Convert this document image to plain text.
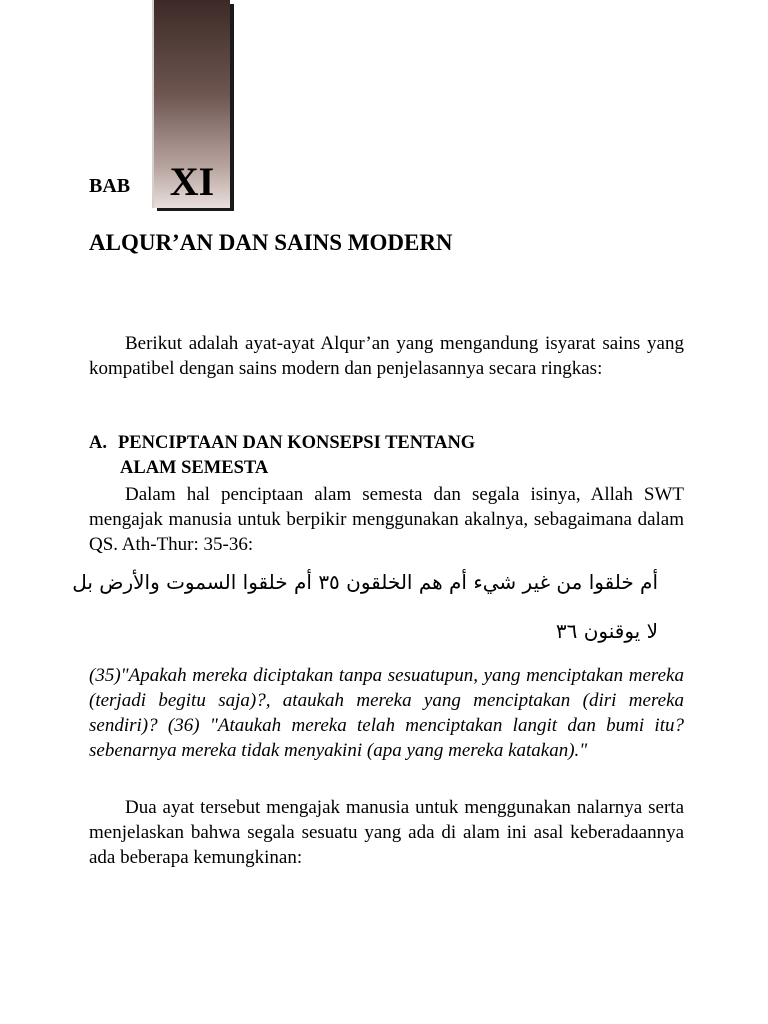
XI
BAB
ALQUR’AN DAN SAINS MODERN

Berikut adalah ayat-ayat Alqur’an yang mengandung isyarat sains yang kompatibel dengan sains modern dan penjelasannya secara ringkas:

A. PENCIPTAAN DAN KONSEPSI TENTANG
ALAM SEMESTA

Dalam hal penciptaan alam semesta dan segala isinya, Allah SWT mengajak manusia untuk berpikir menggunakan akalnya, sebagaimana dalam QS. Ath-Thur: 35-36:

أم خلقوا من غير شيء أم هم الخلقون ٣٥ أم خلقوا السموت والأرض بل
لا يوقنون ٣٦

(35)"Apakah mereka diciptakan tanpa sesuatupun, yang menciptakan mereka (terjadi begitu saja)?, ataukah mereka yang menciptakan (diri mereka sendiri)? (36) "Ataukah mereka telah menciptakan langit dan bumi itu? sebenarnya mereka tidak menyakini (apa yang mereka katakan)."

Dua ayat tersebut mengajak manusia untuk menggunakan nalarnya serta menjelaskan bahwa segala sesuatu yang ada di alam ini asal keberadaannya ada beberapa kemungkinan:
